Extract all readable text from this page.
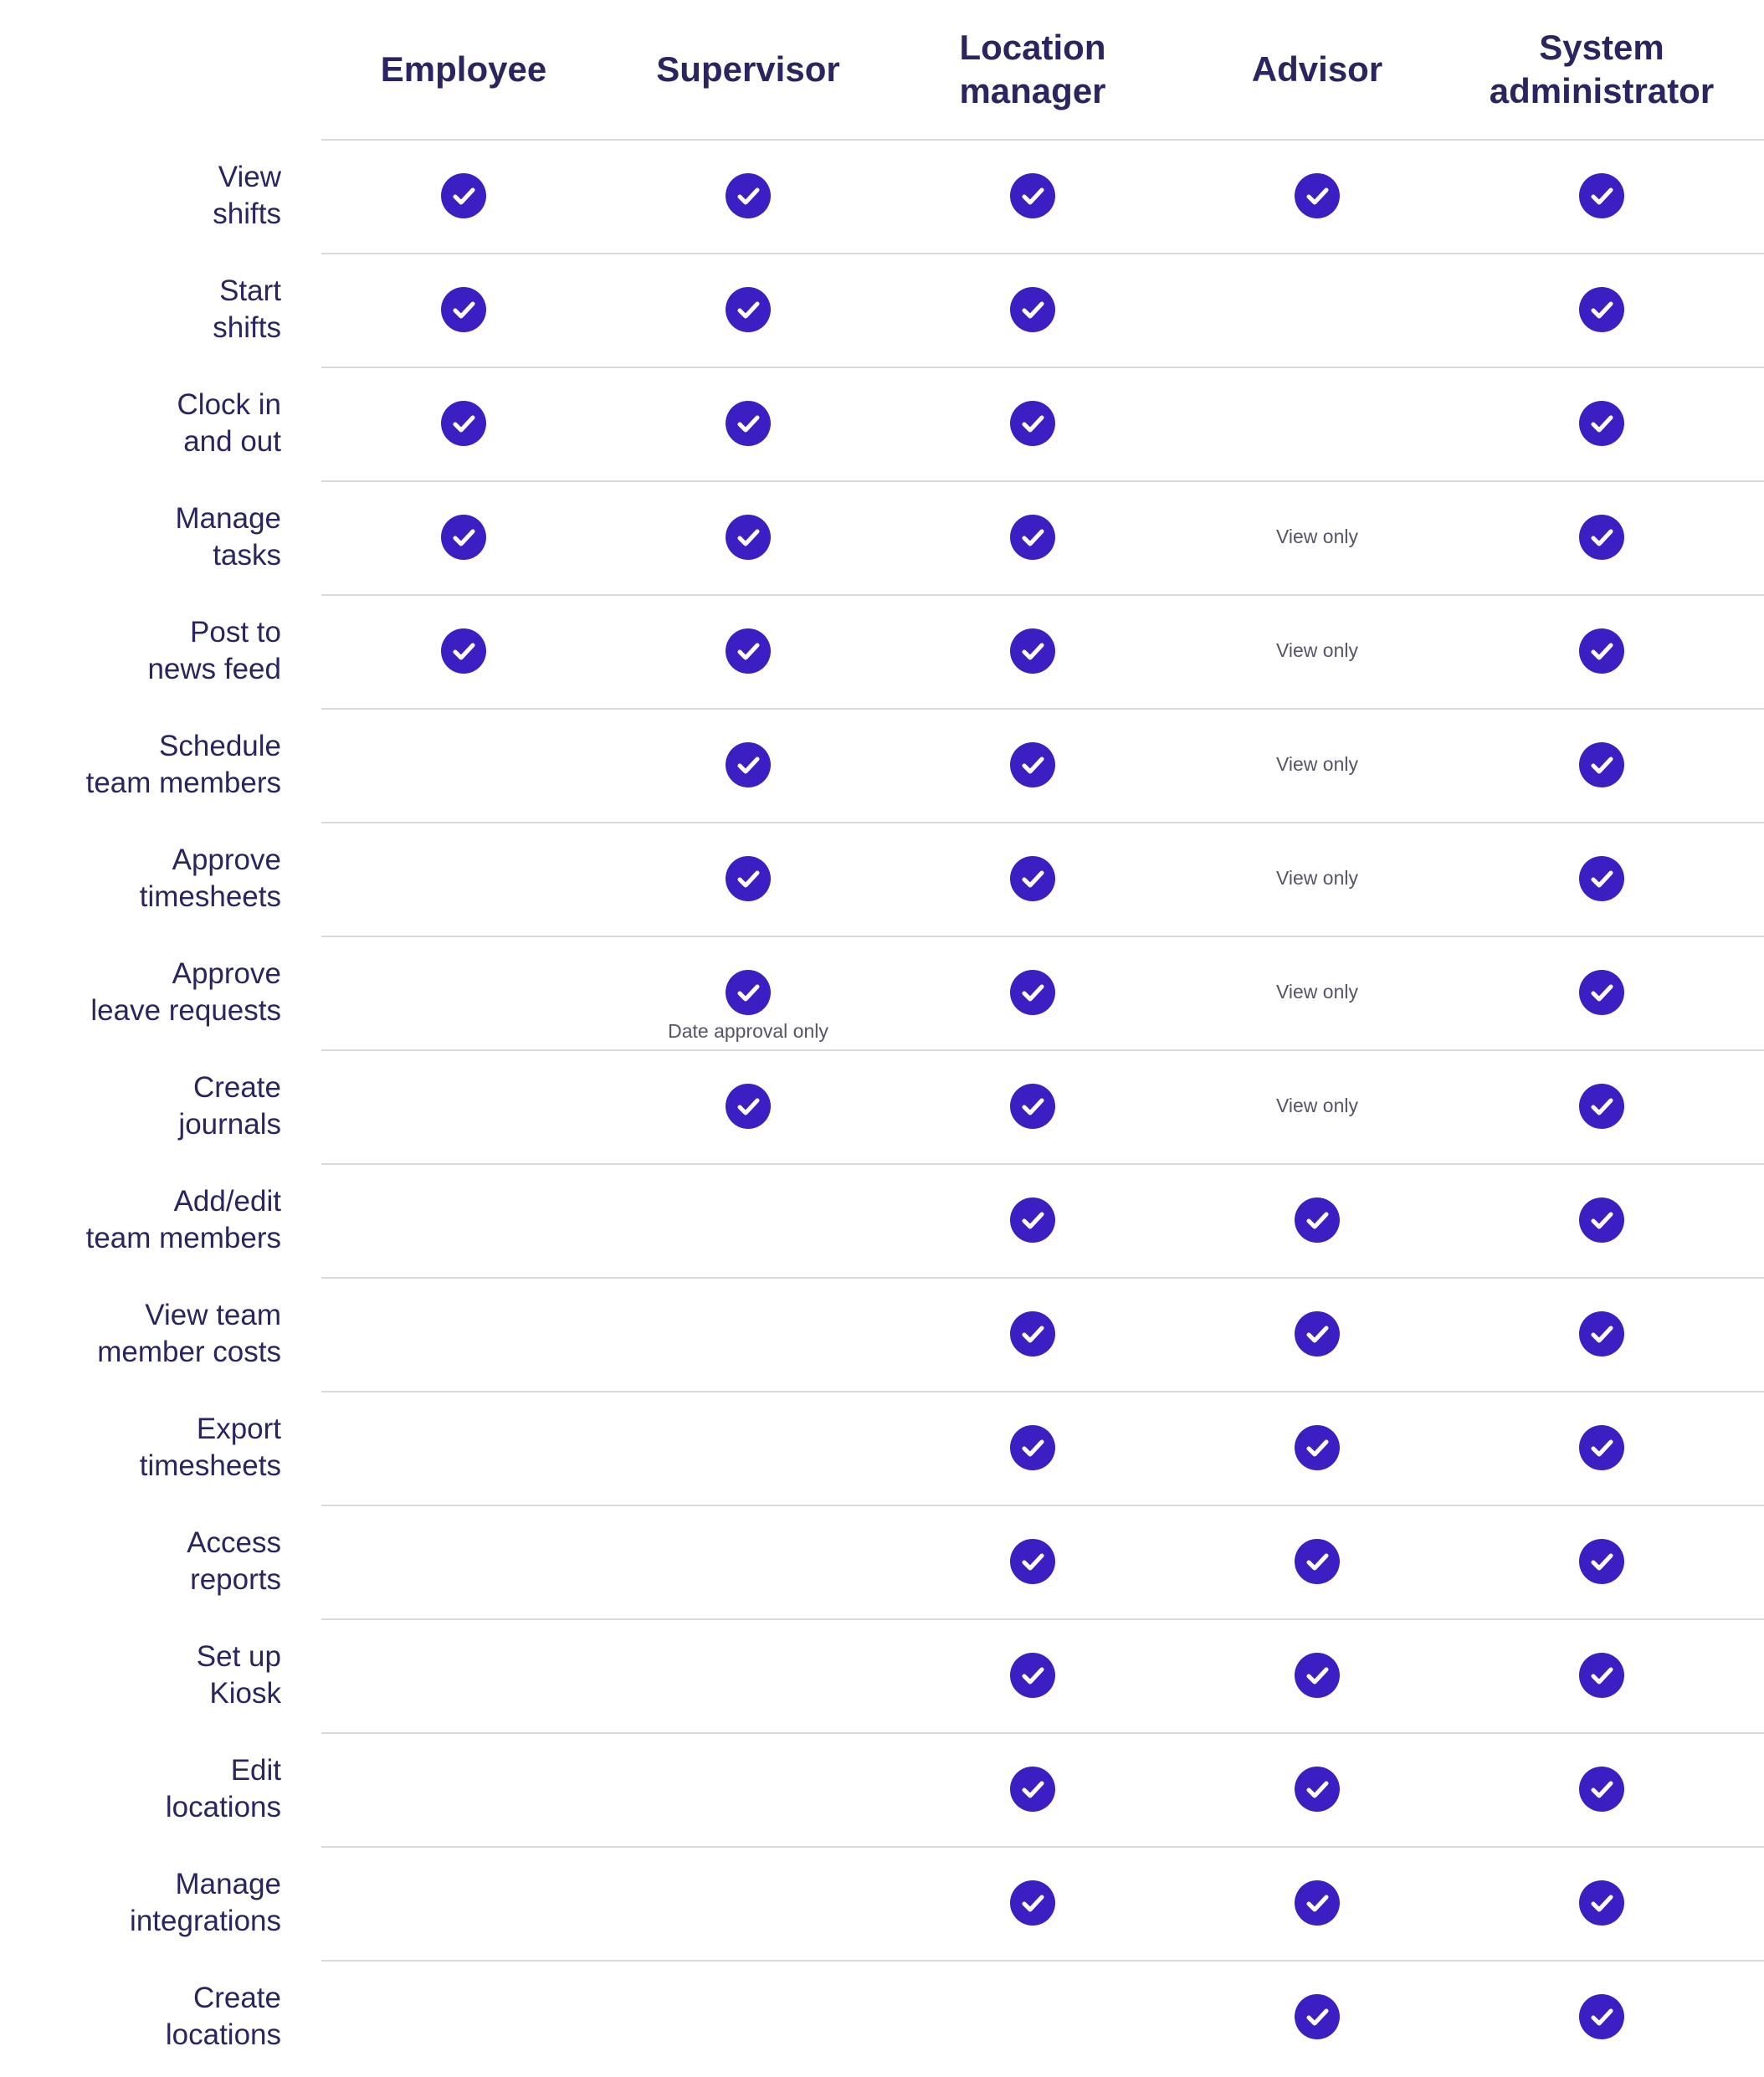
Employee	Supervisor
Location
manager
Advisor
System
administrator
View
shifts
Start
shifts
Clock in
and out
Manage
tasks
View only
Post to
news feed
View only
Schedule
team members
View only
Approve
timesheets
View only
Approve
leave requests
Date approval only
View only
Create
journals
View only
Add/edit
team members
View team
member costs
Export
timesheets
Access
reports
Set up
Kiosk
Edit
locations
Manage
integrations
Create
locations
